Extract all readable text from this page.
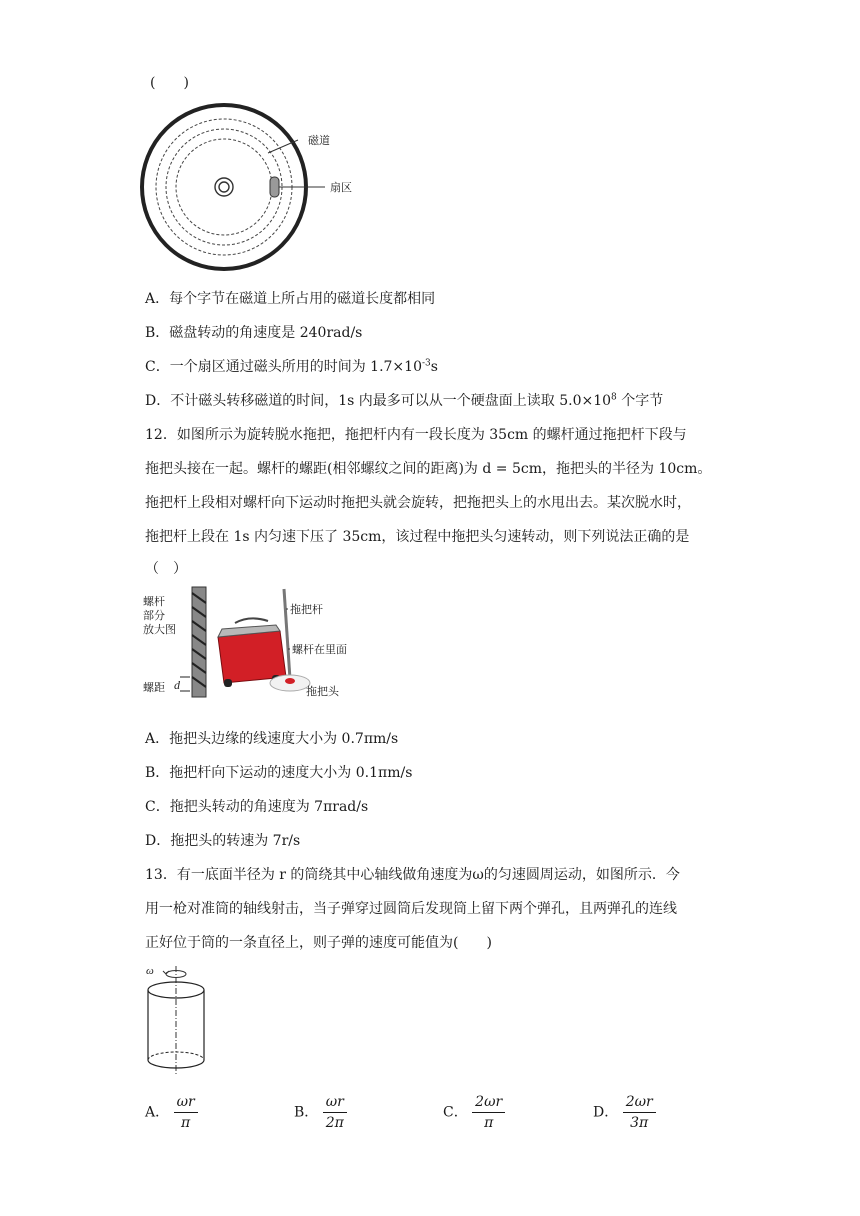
(　　)
磁道
扇区
A．每个字节在磁道上所占用的磁道长度都相同
B．磁盘转动的角速度是 240rad/s
C．一个扇区通过磁头所用的时间为 $1.7\times 10^{-3}s$
D．不计磁头转移磁道的时间，1s 内最多可以从一个硬盘面上读取 $5.0\times 10^8$ 个字节
12．如图所示为旋转脱水拖把，拖把杆内有一段长度为 35cm 的螺杆通过拖把杆下段与
拖把头接在一起。螺杆的螺距(相邻螺纹之间的距离)为 d = 5cm，拖把头的半径为 10cm。
拖把杆上段相对螺杆向下运动时拖把头就会旋转，把拖把头上的水甩出去。某次脱水时，
拖把杆上段在 1s 内匀速下压了 35cm，该过程中拖把头匀速转动，则下列说法正确的是
（　）
螺杆
部分
放大图
螺距 d
拖把杆
螺杆在里面
拖把头
A．拖把头边缘的线速度大小为 0.7πm/s
B．拖把杆向下运动的速度大小为 0.1πm/s
C．拖把头转动的角速度为 7πrad/s
D．拖把头的转速为 7r/s
13．有一底面半径为 r 的筒绕其中心轴线做角速度为ω的匀速圆周运动，如图所示．今
用一枪对准筒的轴线射击，当子弹穿过圆筒后发现筒上留下两个弹孔，且两弹孔的连线
正好位于筒的一条直径上，则子弹的速度可能值为(　　)
ω
A． $\frac{\omega r}{\pi}$	B． $\frac{\omega r}{2\pi}$	C． $\frac{2\omega r}{\pi}$	D． $\frac{2\omega r}{3\pi}$
